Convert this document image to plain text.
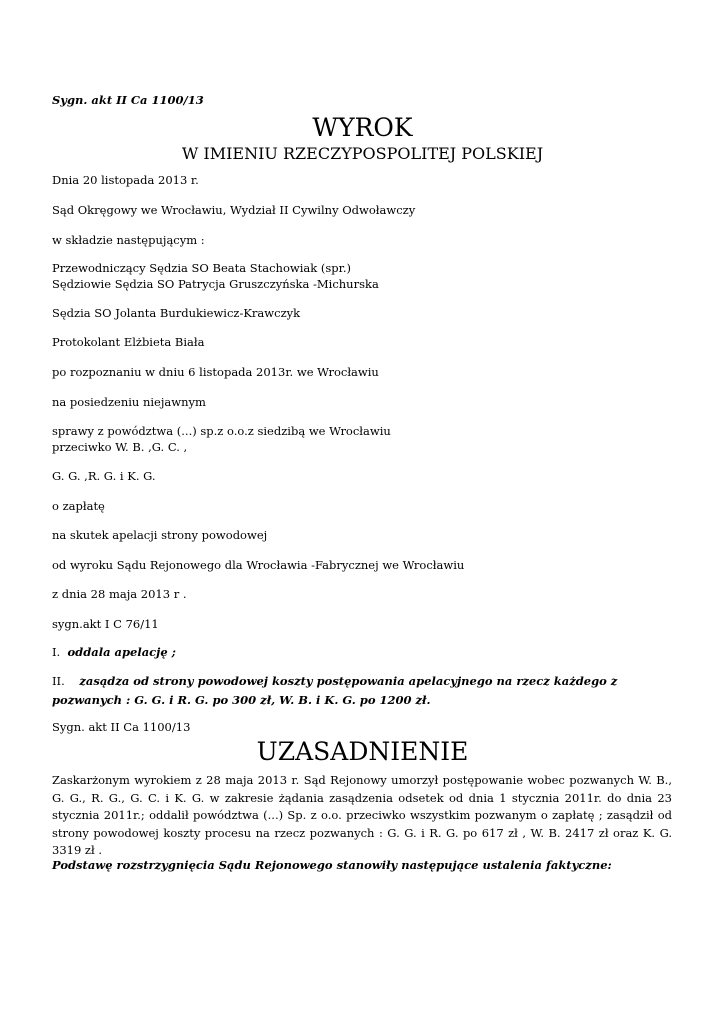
Sygn. akt II Ca 1100/13
WYROK
W IMIENIU RZECZYPOSPOLITEJ POLSKIEJ
Dnia 20 listopada 2013 r.
Sąd Okręgowy we Wrocławiu, Wydział II Cywilny Odwoławczy
w składzie następującym :
Przewodniczący Sędzia SO Beata Stachowiak (spr.)
Sędziowie Sędzia SO Patrycja Gruszczyńska -Michurska
Sędzia SO Jolanta Burdukiewicz-Krawczyk
Protokolant Elżbieta Biała
po rozpoznaniu w dniu 6 listopada 2013r. we Wrocławiu
na posiedzeniu niejawnym
sprawy z powództwa (...) sp.z o.o.z siedzibą we Wrocławiu
przeciwko W. B. ,G. C. ,
G. G. ,R. G. i K. G.
o zapłatę
na skutek apelacji strony powodowej
od wyroku Sądu Rejonowego dla Wrocławia -Fabrycznej we Wrocławiu
z dnia 28 maja 2013 r .
sygn.akt I C 76/11
I. oddala apelację ;
II. zasądza od strony powodowej koszty postępowania apelacyjnego na rzecz każdego z
pozwanych : G. G. i R. G. po 300 zł, W. B. i K. G. po 1200 zł.
Sygn. akt II Ca 1100/13
UZASADNIENIE
Zaskarżonym wyrokiem z 28 maja 2013 r. Sąd Rejonowy umorzył postępowanie wobec pozwanych W. B., G. G., R. G., G. C. i K. G. w zakresie żądania zasądzenia odsetek od dnia 1 stycznia 2011r. do dnia 23 stycznia 2011r.; oddalił powództwa (...) Sp. z o.o. przeciwko wszystkim pozwanym o zapłatę ; zasądził od strony powodowej koszty procesu na rzecz pozwanych : G. G. i R. G. po 617 zł , W. B. 2417 zł oraz K. G. 3319 zł .
Podstawę rozstrzygnięcia Sądu Rejonowego stanowiły następujące ustalenia faktyczne:
